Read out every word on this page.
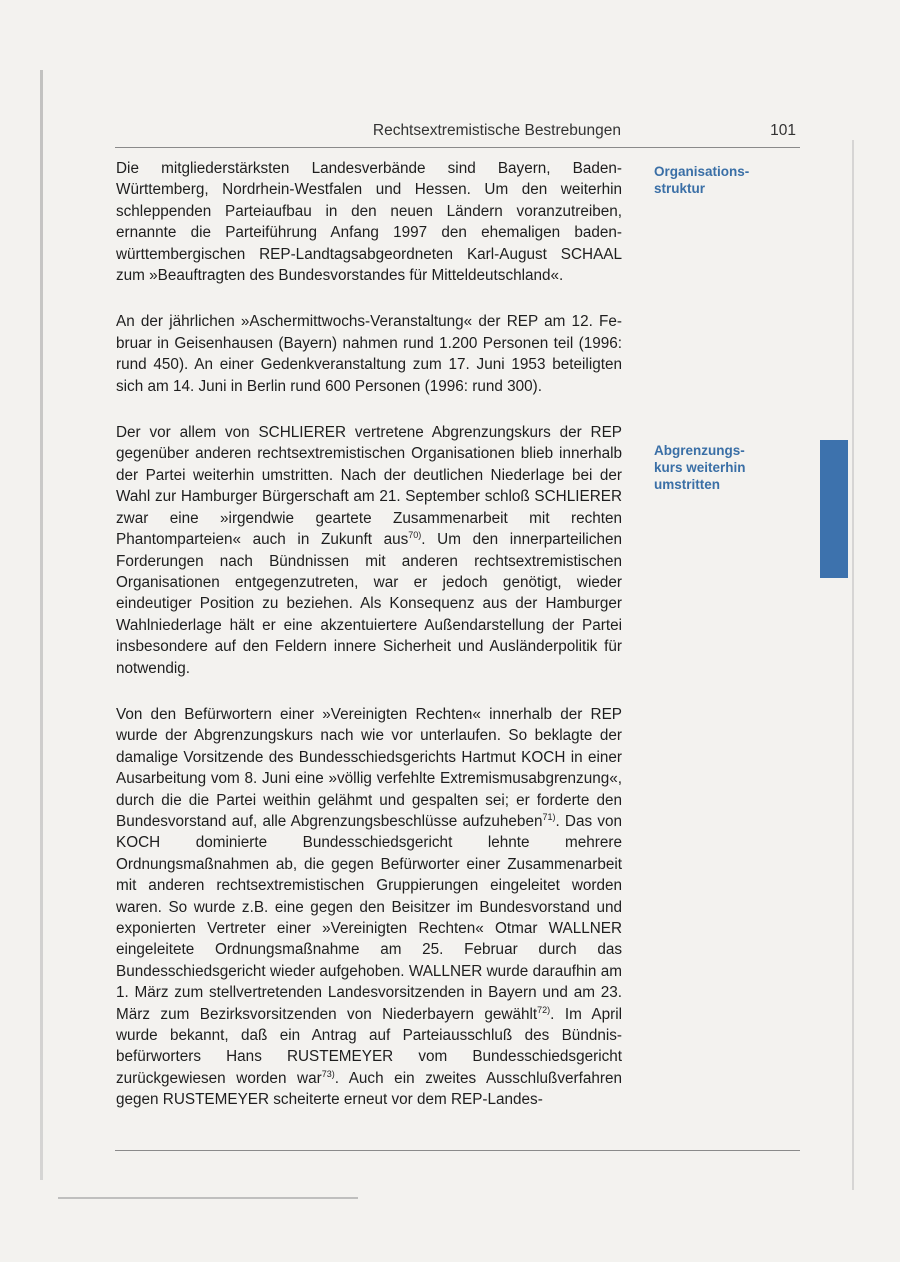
Rechtsextremistische Bestrebungen	101

Die mitgliederstärksten Landesverbände sind Bayern, Baden-Württemberg, Nordrhein-Westfalen und Hessen. Um den weiterhin schleppenden Parteiaufbau in den neuen Ländern voranzutreiben, ernannte die Parteiführung Anfang 1997 den ehemaligen baden-württembergischen REP-Landtagsabgeordneten Karl-August SCHAAL zum »Beauftragten des Bundesvorstandes für Mitteldeutschland«.

An der jährlichen »Aschermittwochs-Veranstaltung« der REP am 12. Februar in Geisenhausen (Bayern) nahmen rund 1.200 Personen teil (1996: rund 450). An einer Gedenkveranstaltung zum 17. Juni 1953 beteiligten sich am 14. Juni in Berlin rund 600 Personen (1996: rund 300).

Der vor allem von SCHLIERER vertretene Abgrenzungskurs der REP gegenüber anderen rechtsextremistischen Organisationen blieb innerhalb der Partei weiterhin umstritten. Nach der deutlichen Niederlage bei der Wahl zur Hamburger Bürgerschaft am 21. September schloß SCHLIERER zwar eine »irgendwie geartete Zusammenarbeit mit rechten Phantomparteien« auch in Zukunft aus$^{70)}$. Um den innerparteilichen Forderungen nach Bündnissen mit anderen rechtsextremistischen Organisationen entgegenzutreten, war er jedoch genötigt, wieder eindeutiger Position zu beziehen. Als Konsequenz aus der Hamburger Wahlniederlage hält er eine akzentuiertere Außendarstellung der Partei insbesondere auf den Feldern innere Sicherheit und Ausländerpolitik für notwendig.

Von den Befürwortern einer »Vereinigten Rechten« innerhalb der REP wurde der Abgrenzungskurs nach wie vor unterlaufen. So beklagte der damalige Vorsitzende des Bundesschiedsgerichts Hartmut KOCH in einer Ausarbeitung vom 8. Juni eine »völlig verfehlte Extremismusabgrenzung«, durch die die Partei weithin gelähmt und gespalten sei; er forderte den Bundesvorstand auf, alle Abgrenzungsbeschlüsse aufzuheben$^{71)}$. Das von KOCH dominierte Bundesschiedsgericht lehnte mehrere Ordnungsmaßnahmen ab, die gegen Befürworter einer Zusammenarbeit mit anderen rechtsextremistischen Gruppierungen eingeleitet worden waren. So wurde z.B. eine gegen den Beisitzer im Bundesvorstand und exponierten Vertreter einer »Vereinigten Rechten« Otmar WALLNER eingeleitete Ordnungsmaßnahme am 25. Februar durch das Bundesschiedsgericht wieder aufgehoben. WALLNER wurde daraufhin am 1. März zum stellvertretenden Landesvorsitzenden in Bayern und am 23. März zum Bezirksvorsitzenden von Niederbayern gewählt$^{72)}$. Im April wurde bekannt, daß ein Antrag auf Parteiausschluß des Bündnisbefürworters Hans RUSTEMEYER vom Bundesschiedsgericht zurückgewiesen worden war$^{73)}$. Auch ein zweites Ausschlußverfahren gegen RUSTEMEYER scheiterte erneut vor dem REP-Landes-

Organisations-
struktur
Abgrenzungs-
kurs weiterhin
umstritten
